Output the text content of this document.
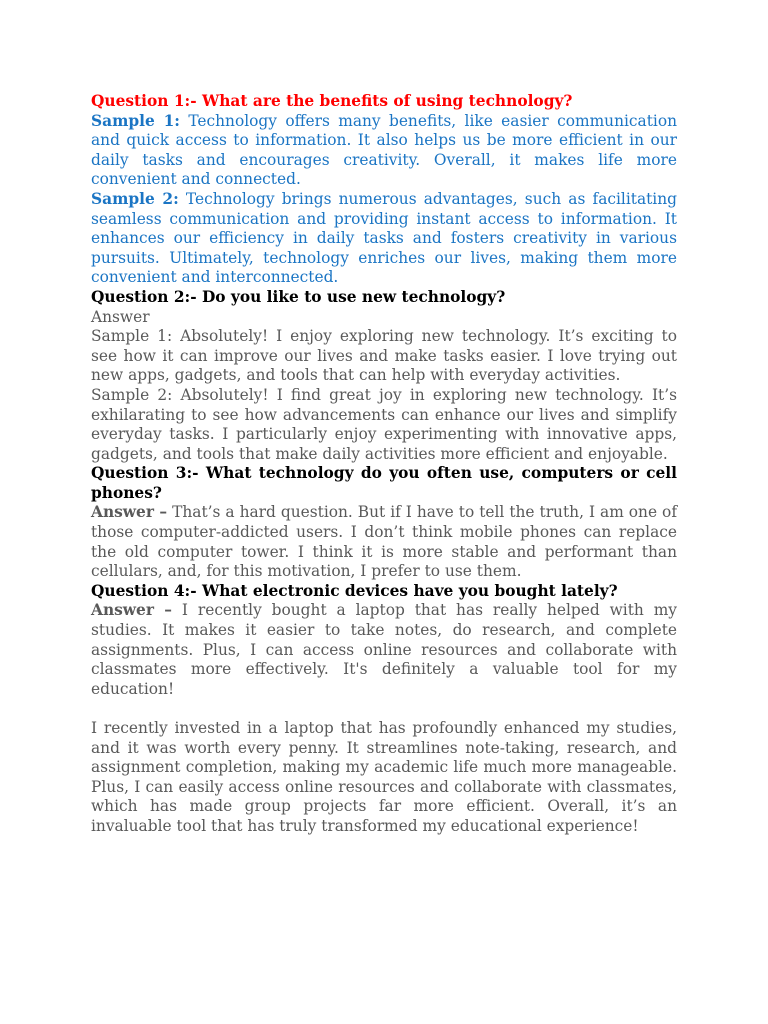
Question 1:- What are the benefits of using technology?

Sample 1: Technology offers many benefits, like easier communication and quick access to information. It also helps us be more efficient in our daily tasks and encourages creativity. Overall, it makes life more convenient and connected.

Sample 2: Technology brings numerous advantages, such as facilitating seamless communication and providing instant access to information. It enhances our efficiency in daily tasks and fosters creativity in various pursuits. Ultimately, technology enriches our lives, making them more convenient and interconnected.

Question 2:- Do you like to use new technology?

Answer

Sample 1: Absolutely! I enjoy exploring new technology. It’s exciting to see how it can improve our lives and make tasks easier. I love trying out new apps, gadgets, and tools that can help with everyday activities.

Sample 2: Absolutely! I find great joy in exploring new technology. It’s exhilarating to see how advancements can enhance our lives and simplify everyday tasks. I particularly enjoy experimenting with innovative apps, gadgets, and tools that make daily activities more efficient and enjoyable.

Question 3:- What technology do you often use, computers or cell phones?

Answer – That’s a hard question. But if I have to tell the truth, I am one of those computer-addicted users. I don’t think mobile phones can replace the old computer tower. I think it is more stable and performant than cellulars, and, for this motivation, I prefer to use them.

Question 4:- What electronic devices have you bought lately?

Answer – I recently bought a laptop that has really helped with my studies. It makes it easier to take notes, do research, and complete assignments. Plus, I can access online resources and collaborate with classmates more effectively. It's definitely a valuable tool for my education!

I recently invested in a laptop that has profoundly enhanced my studies, and it was worth every penny. It streamlines note-taking, research, and assignment completion, making my academic life much more manageable. Plus, I can easily access online resources and collaborate with classmates, which has made group projects far more efficient. Overall, it’s an invaluable tool that has truly transformed my educational experience!
